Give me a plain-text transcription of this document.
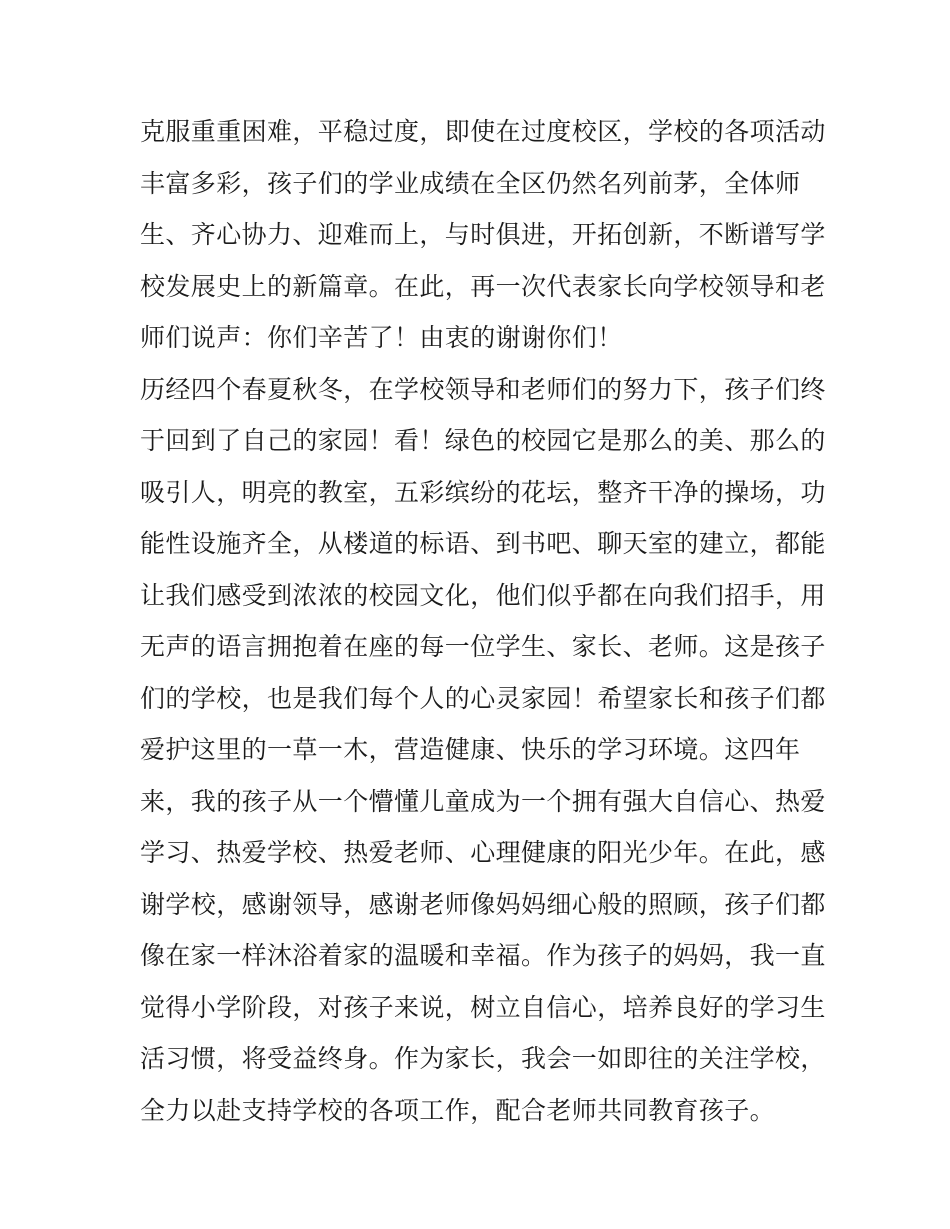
克服重重困难，平稳过度，即使在过度校区，学校的各项活动
丰富多彩，孩子们的学业成绩在全区仍然名列前茅，全体师
生、齐心协力、迎难而上，与时俱进，开拓创新，不断谱写学
校发展史上的新篇章。在此，再一次代表家长向学校领导和老
师们说声：你们辛苦了！由衷的谢谢你们！
历经四个春夏秋冬，在学校领导和老师们的努力下，孩子们终
于回到了自己的家园！看！绿色的校园它是那么的美、那么的
吸引人，明亮的教室，五彩缤纷的花坛，整齐干净的操场，功
能性设施齐全，从楼道的标语、到书吧、聊天室的建立，都能
让我们感受到浓浓的校园文化，他们似乎都在向我们招手，用
无声的语言拥抱着在座的每一位学生、家长、老师。这是孩子
们的学校，也是我们每个人的心灵家园！希望家长和孩子们都
爱护这里的一草一木，营造健康、快乐的学习环境。这四年
来，我的孩子从一个懵懂儿童成为一个拥有强大自信心、热爱
学习、热爱学校、热爱老师、心理健康的阳光少年。在此，感
谢学校，感谢领导，感谢老师像妈妈细心般的照顾，孩子们都
像在家一样沐浴着家的温暖和幸福。作为孩子的妈妈，我一直
觉得小学阶段，对孩子来说，树立自信心，培养良好的学习生
活习惯，将受益终身。作为家长，我会一如即往的关注学校，
全力以赴支持学校的各项工作，配合老师共同教育孩子。
